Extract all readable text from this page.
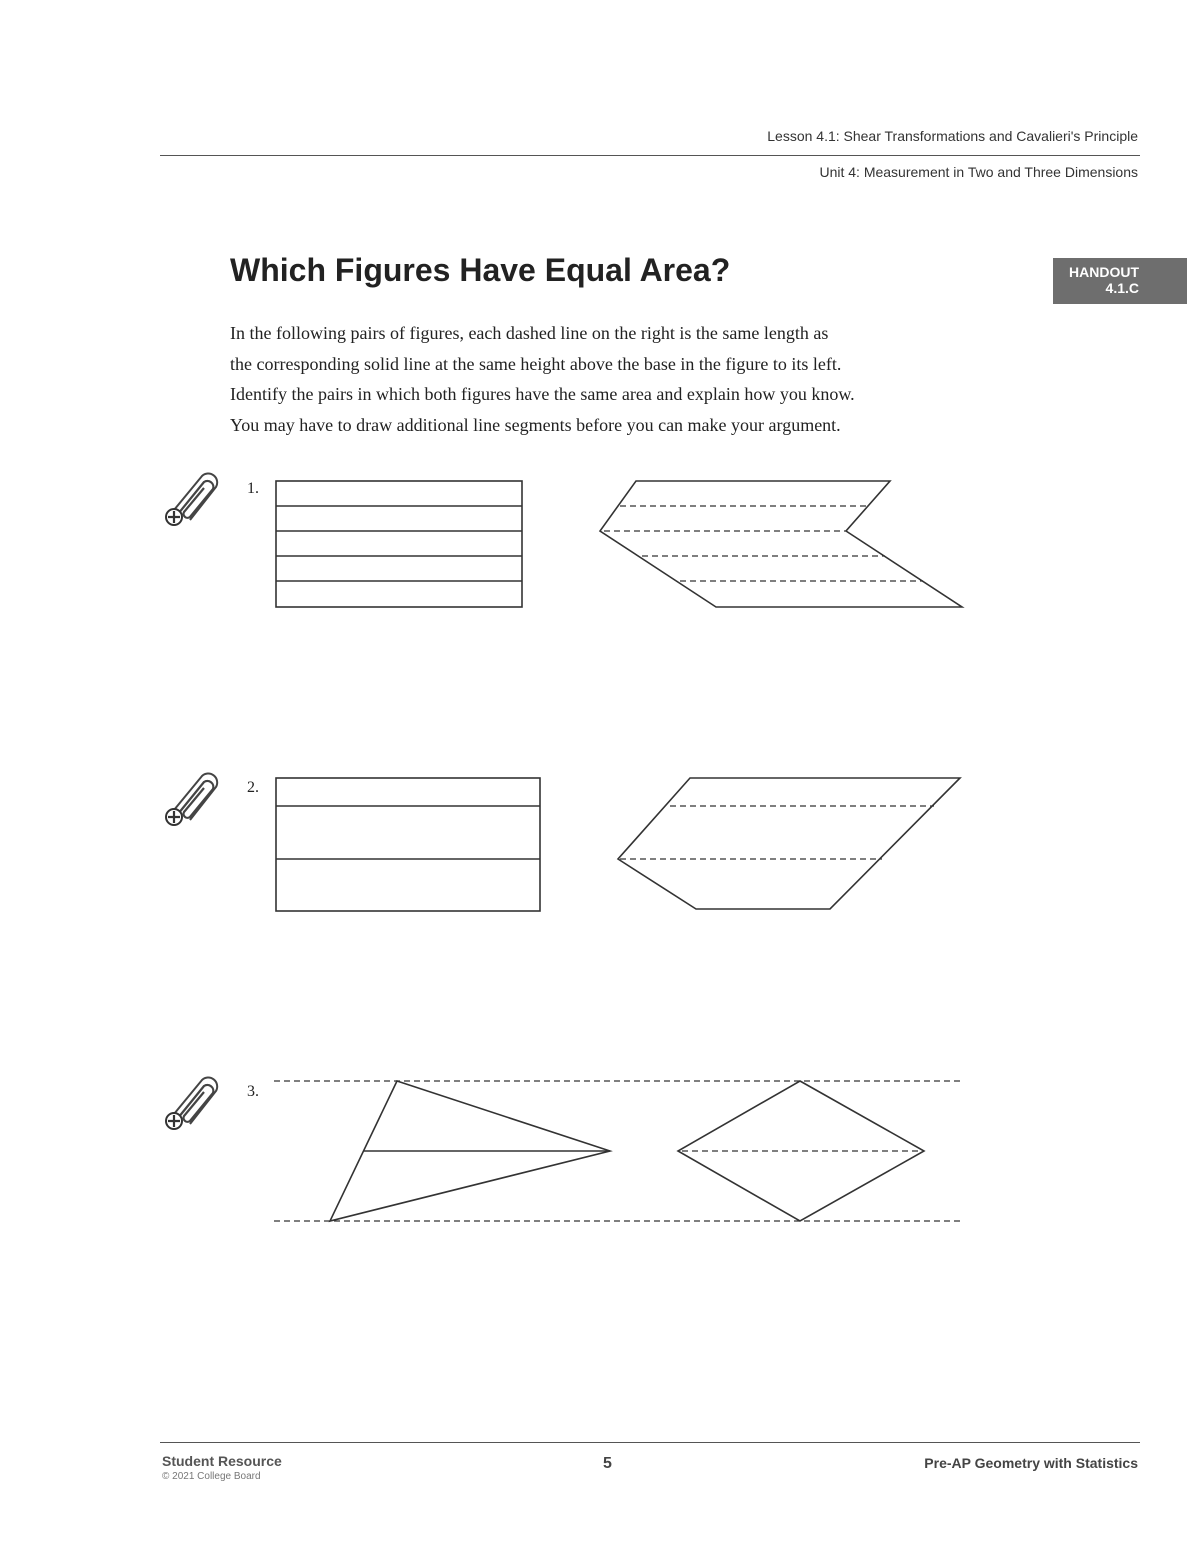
Lesson 4.1: Shear Transformations and Cavalieri's Principle
Unit 4: Measurement in Two and Three Dimensions
Which Figures Have Equal Area?	HANDOUT
4.1.C

In the following pairs of figures, each dashed line on the right is the same length as
the corresponding solid line at the same height above the base in the figure to its left.
Identify the pairs in which both figures have the same area and explain how you know.
You may have to draw additional line segments before you can make your argument.

1.
2.
3.
Student Resource
© 2021 College Board
5	Pre-AP Geometry with Statistics
